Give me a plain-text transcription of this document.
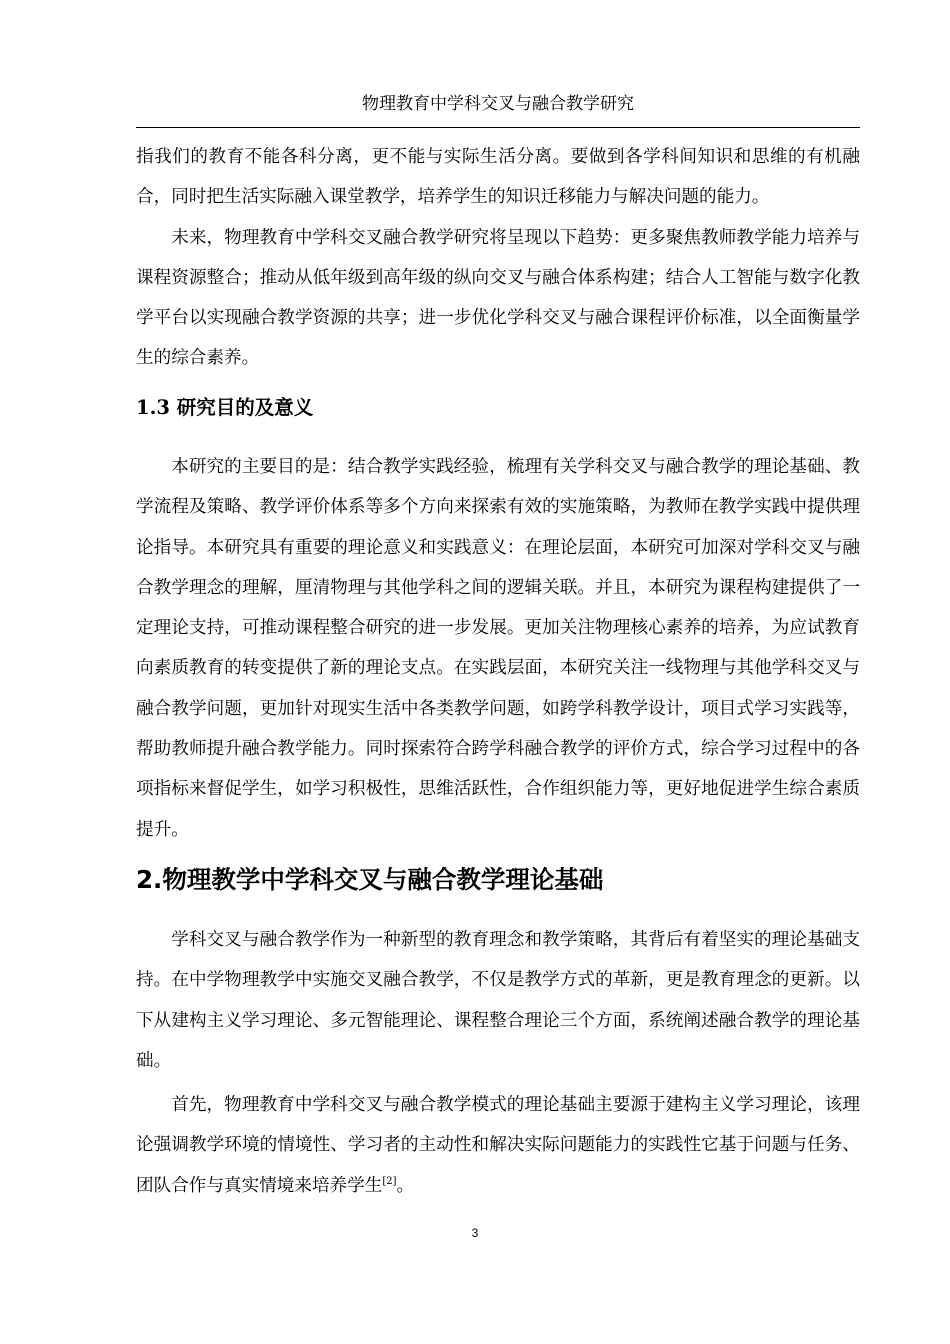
物理教育中学科交叉与融合教学研究

指我们的教育不能各科分离，更不能与实际生活分离。要做到各学科间知识和思维的有机融合，同时把生活实际融入课堂教学，培养学生的知识迁移能力与解决问题的能力。

未来，物理教育中学科交叉融合教学研究将呈现以下趋势：更多聚焦教师教学能力培养与课程资源整合；推动从低年级到高年级的纵向交叉与融合体系构建；结合人工智能与数字化教学平台以实现融合教学资源的共享；进一步优化学科交叉与融合课程评价标准，以全面衡量学生的综合素养。

1.3 研究目的及意义

本研究的主要目的是：结合教学实践经验，梳理有关学科交叉与融合教学的理论基础、教学流程及策略、教学评价体系等多个方向来探索有效的实施策略，为教师在教学实践中提供理论指导。本研究具有重要的理论意义和实践意义：在理论层面，本研究可加深对学科交叉与融合教学理念的理解，厘清物理与其他学科之间的逻辑关联。并且，本研究为课程构建提供了一定理论支持，可推动课程整合研究的进一步发展。更加关注物理核心素养的培养，为应试教育向素质教育的转变提供了新的理论支点。在实践层面，本研究关注一线物理与其他学科交叉与融合教学问题，更加针对现实生活中各类教学问题，如跨学科教学设计，项目式学习实践等，帮助教师提升融合教学能力。同时探索符合跨学科融合教学的评价方式，综合学习过程中的各项指标来督促学生，如学习积极性，思维活跃性，合作组织能力等，更好地促进学生综合素质提升。

2.物理教学中学科交叉与融合教学理论基础

学科交叉与融合教学作为一种新型的教育理念和教学策略，其背后有着坚实的理论基础支持。在中学物理教学中实施交叉融合教学，不仅是教学方式的革新，更是教育理念的更新。以下从建构主义学习理论、多元智能理论、课程整合理论三个方面，系统阐述融合教学的理论基础。

首先，物理教育中学科交叉与融合教学模式的理论基础主要源于建构主义学习理论，该理论强调教学环境的情境性、学习者的主动性和解决实际问题能力的实践性它基于问题与任务、团队合作与真实情境来培养学生[2]。

3
